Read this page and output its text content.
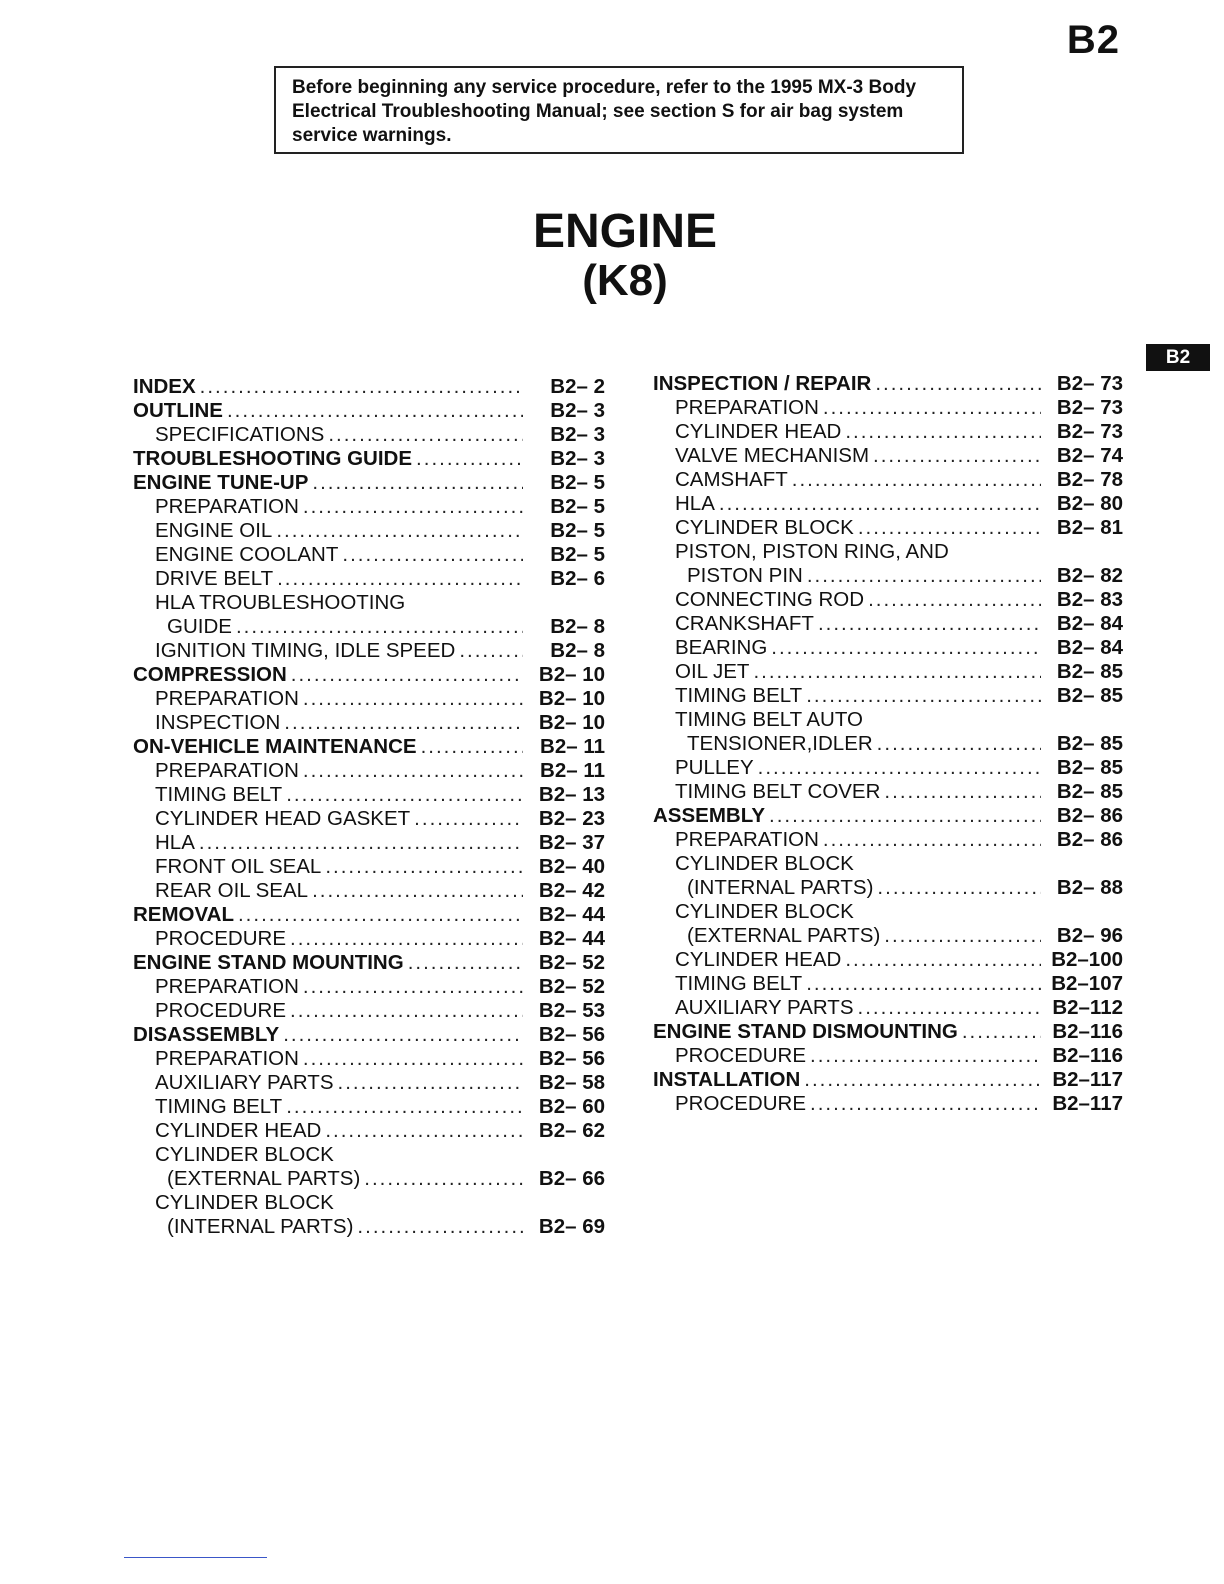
B2
Before beginning any service procedure, refer to the 1995 MX-3 Body Electrical Troubleshooting Manual; see section S for air bag system service warnings.
ENGINE
(K8)
B2
INDEX .....	B2– 2
OUTLINE .....	B2– 3
SPECIFICATIONS .....	B2– 3
TROUBLESHOOTING GUIDE .....	B2– 3
ENGINE TUNE-UP .....	B2– 5
PREPARATION .....	B2– 5
ENGINE OIL .....	B2– 5
ENGINE COOLANT .....	B2– 5
DRIVE BELT .....	B2– 6
HLA TROUBLESHOOTING
GUIDE .....	B2– 8
IGNITION TIMING, IDLE SPEED .....	B2– 8
COMPRESSION .....	B2– 10
PREPARATION .....	B2– 10
INSPECTION .....	B2– 10
ON-VEHICLE MAINTENANCE .....	B2– 11
PREPARATION .....	B2– 11
TIMING BELT .....	B2– 13
CYLINDER HEAD GASKET .....	B2– 23
HLA .....	B2– 37
FRONT OIL SEAL .....	B2– 40
REAR OIL SEAL .....	B2– 42
REMOVAL .....	B2– 44
PROCEDURE .....	B2– 44
ENGINE STAND MOUNTING .....	B2– 52
PREPARATION .....	B2– 52
PROCEDURE .....	B2– 53
DISASSEMBLY .....	B2– 56
PREPARATION .....	B2– 56
AUXILIARY PARTS .....	B2– 58
TIMING BELT .....	B2– 60
CYLINDER HEAD .....	B2– 62
CYLINDER BLOCK
(EXTERNAL PARTS) .....	B2– 66
CYLINDER BLOCK
(INTERNAL PARTS) .....	B2– 69
INSPECTION / REPAIR .....	B2– 73
PREPARATION .....	B2– 73
CYLINDER HEAD .....	B2– 73
VALVE MECHANISM .....	B2– 74
CAMSHAFT .....	B2– 78
HLA .....	B2– 80
CYLINDER BLOCK .....	B2– 81
PISTON, PISTON RING, AND
PISTON PIN .....	B2– 82
CONNECTING ROD .....	B2– 83
CRANKSHAFT .....	B2– 84
BEARING .....	B2– 84
OIL JET .....	B2– 85
TIMING BELT .....	B2– 85
TIMING BELT AUTO
TENSIONER,IDLER .....	B2– 85
PULLEY .....	B2– 85
TIMING BELT COVER .....	B2– 85
ASSEMBLY .....	B2– 86
PREPARATION .....	B2– 86
CYLINDER BLOCK
(INTERNAL PARTS) .....	B2– 88
CYLINDER BLOCK
(EXTERNAL PARTS) .....	B2– 96
CYLINDER HEAD .....	B2–100
TIMING BELT .....	B2–107
AUXILIARY PARTS .....	B2–112
ENGINE STAND DISMOUNTING .....	B2–116
PROCEDURE .....	B2–116
INSTALLATION .....	B2–117
PROCEDURE .....	B2–117
